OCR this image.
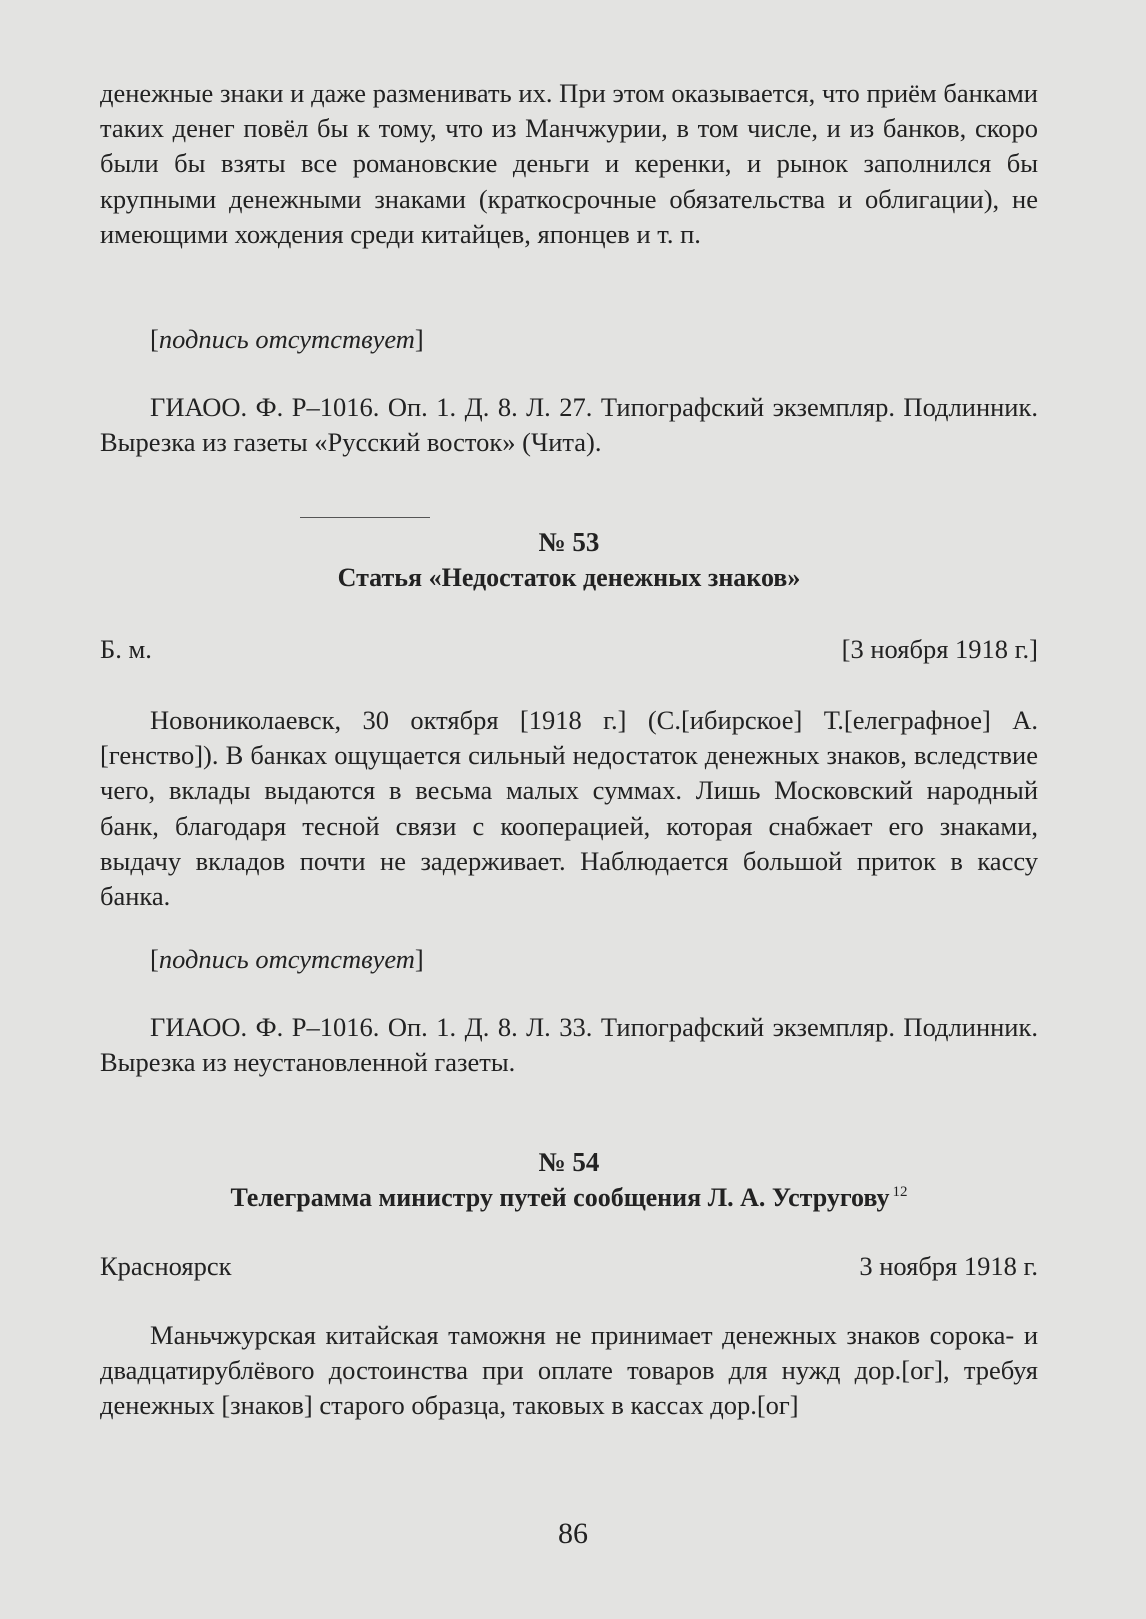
денежные знаки и даже разменивать их. При этом оказывается, что приём банками таких денег повёл бы к тому, что из Манчжурии, в том числе, и из банков, скоро были бы взяты все романовские деньги и керенки, и рынок заполнился бы крупными денежными знаками (краткосрочные обязательства и облигации), не имеющими хождения среди китайцев, японцев и т. п.

[подпись отсутствует]

ГИАОО. Ф. Р–1016. Оп. 1. Д. 8. Л. 27. Типографский экземпляр. Подлинник. Вырезка из газеты «Русский восток» (Чита).

№ 53

Статья «Недостаток денежных знаков»

Б. м.	[3 ноября 1918 г.]

Новониколаевск, 30 октября [1918 г.] (С.[ибирское] Т.[елеграфное] А.[генство]). В банках ощущается сильный недостаток денежных знаков, вследствие чего, вклады выдаются в весьма малых суммах. Лишь Московский народный банк, благодаря тесной связи с кооперацией, которая снабжает его знаками, выдачу вкладов почти не задерживает. Наблюдается большой приток в кассу банка.

[подпись отсутствует]

ГИАОО. Ф. Р–1016. Оп. 1. Д. 8. Л. 33. Типографский экземпляр. Подлинник. Вырезка из неустановленной газеты.

№ 54

Телеграмма министру путей сообщения Л. А. Устругову $^{12}$

Красноярск	3 ноября 1918 г.

Маньчжурская китайская таможня не принимает денежных знаков сорока- и двадцатирублёвого достоинства при оплате товаров для нужд дор.[ог], требуя денежных [знаков] старого образца, таковых в кассах дор.[ог]

86
